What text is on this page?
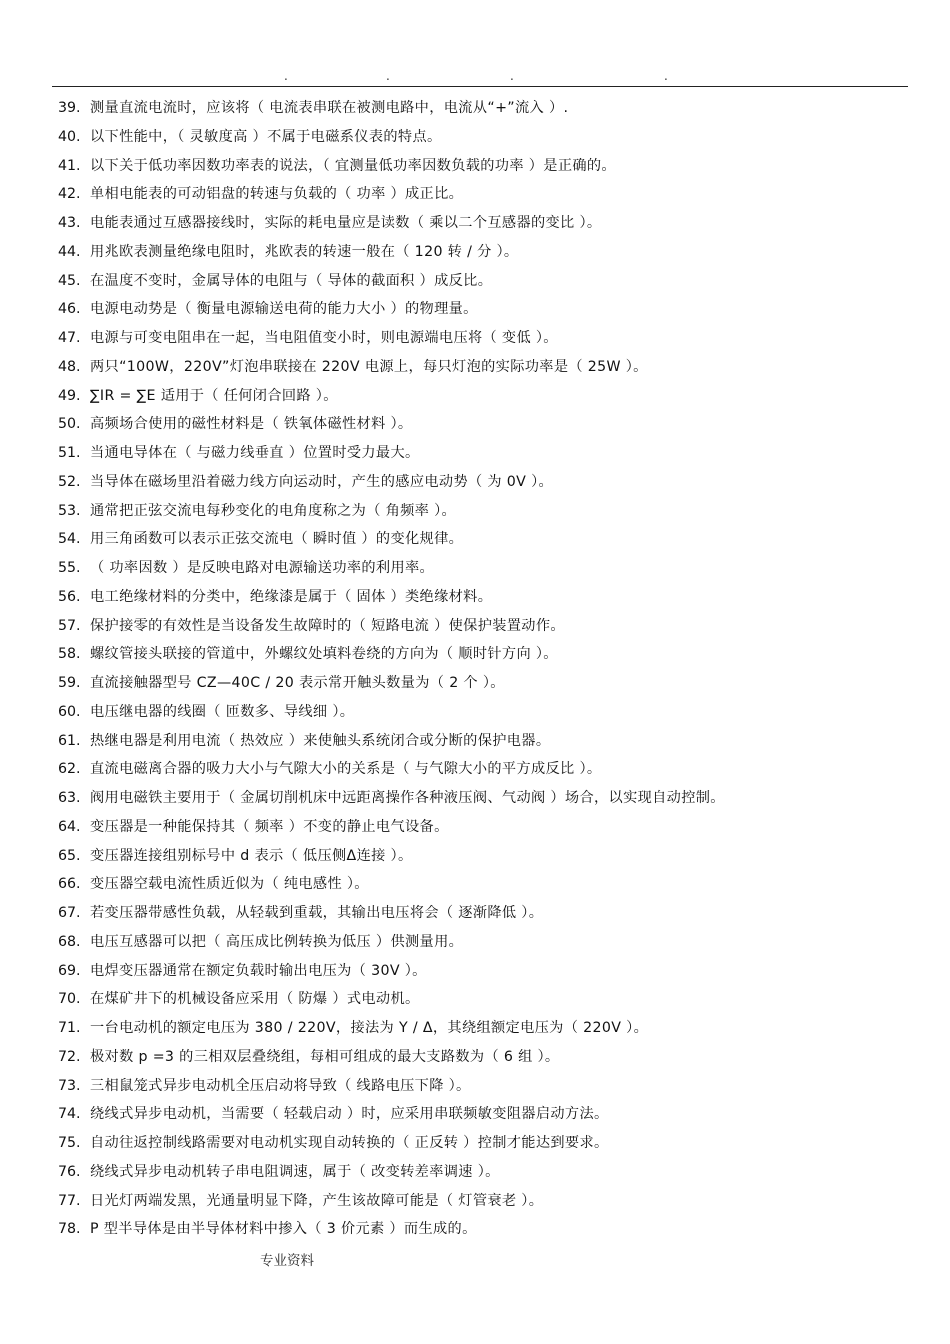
.	.	.	.
39. 测量直流电流时，应该将（ 电流表串联在被测电路中，电流从“+”流入 ）.
40. 以下性能中，（ 灵敏度高 ）不属于电磁系仪表的特点。
41. 以下关于低功率因数功率表的说法，（ 宜测量低功率因数负载的功率 ）是正确的。
42. 单相电能表的可动铝盘的转速与负载的（ 功率 ）成正比。
43. 电能表通过互感器接线时，实际的耗电量应是读数（ 乘以二个互感器的变比 ）。
44. 用兆欧表测量绝缘电阻时，兆欧表的转速一般在（ 120 转 / 分 ）。
45. 在温度不变时，金属导体的电阻与（ 导体的截面积 ）成反比。
46. 电源电动势是（ 衡量电源输送电荷的能力大小 ）的物理量。
47. 电源与可变电阻串在一起，当电阻值变小时，则电源端电压将（ 变低 ）。
48. 两只“100W，220V”灯泡串联接在 220V 电源上，每只灯泡的实际功率是（ 25W ）。
49. ∑IR = ∑E 适用于（ 任何闭合回路 ）。
50. 高频场合使用的磁性材料是（ 铁氧体磁性材料 ）。
51. 当通电导体在（ 与磁力线垂直 ）位置时受力最大。
52. 当导体在磁场里沿着磁力线方向运动时，产生的感应电动势（ 为 0V ）。
53. 通常把正弦交流电每秒变化的电角度称之为（ 角频率 ）。
54. 用三角函数可以表示正弦交流电（ 瞬时值 ）的变化规律。
55. （ 功率因数 ）是反映电路对电源输送功率的利用率。
56. 电工绝缘材料的分类中，绝缘漆是属于（ 固体 ）类绝缘材料。
57. 保护接零的有效性是当设备发生故障时的（ 短路电流 ）使保护装置动作。
58. 螺纹管接头联接的管道中，外螺纹处填料卷绕的方向为（ 顺时针方向 ）。
59. 直流接触器型号 CZ—40C / 20 表示常开触头数量为（ 2 个 ）。
60. 电压继电器的线圈（ 匝数多、导线细 ）。
61. 热继电器是利用电流（ 热效应 ）来使触头系统闭合或分断的保护电器。
62. 直流电磁离合器的吸力大小与气隙大小的关系是（ 与气隙大小的平方成反比 ）。
63. 阀用电磁铁主要用于（ 金属切削机床中远距离操作各种液压阀、气动阀 ）场合，以实现自动控制。
64. 变压器是一种能保持其（ 频率 ）不变的静止电气设备。
65. 变压器连接组别标号中 d 表示（ 低压侧Δ连接 ）。
66. 变压器空载电流性质近似为（ 纯电感性 ）。
67. 若变压器带感性负载，从轻载到重载，其输出电压将会（ 逐渐降低 ）。
68. 电压互感器可以把（ 高压成比例转换为低压 ）供测量用。
69. 电焊变压器通常在额定负载时输出电压为（ 30V ）。
70. 在煤矿井下的机械设备应采用（ 防爆 ）式电动机。
71. 一台电动机的额定电压为 380 / 220V，接法为 Y / Δ，其绕组额定电压为（ 220V ）。
72. 极对数 p =3 的三相双层叠绕组，每相可组成的最大支路数为（ 6 组 ）。
73. 三相鼠笼式异步电动机全压启动将导致（ 线路电压下降 ）。
74. 绕线式异步电动机，当需要（ 轻载启动 ）时，应采用串联频敏变阻器启动方法。
75. 自动往返控制线路需要对电动机实现自动转换的（ 正反转 ）控制才能达到要求。
76. 绕线式异步电动机转子串电阻调速，属于（ 改变转差率调速 ）。
77. 日光灯两端发黑，光通量明显下降，产生该故障可能是（ 灯管衰老 ）。
78. P 型半导体是由半导体材料中掺入（ 3 价元素 ）而生成的。
专业资料
